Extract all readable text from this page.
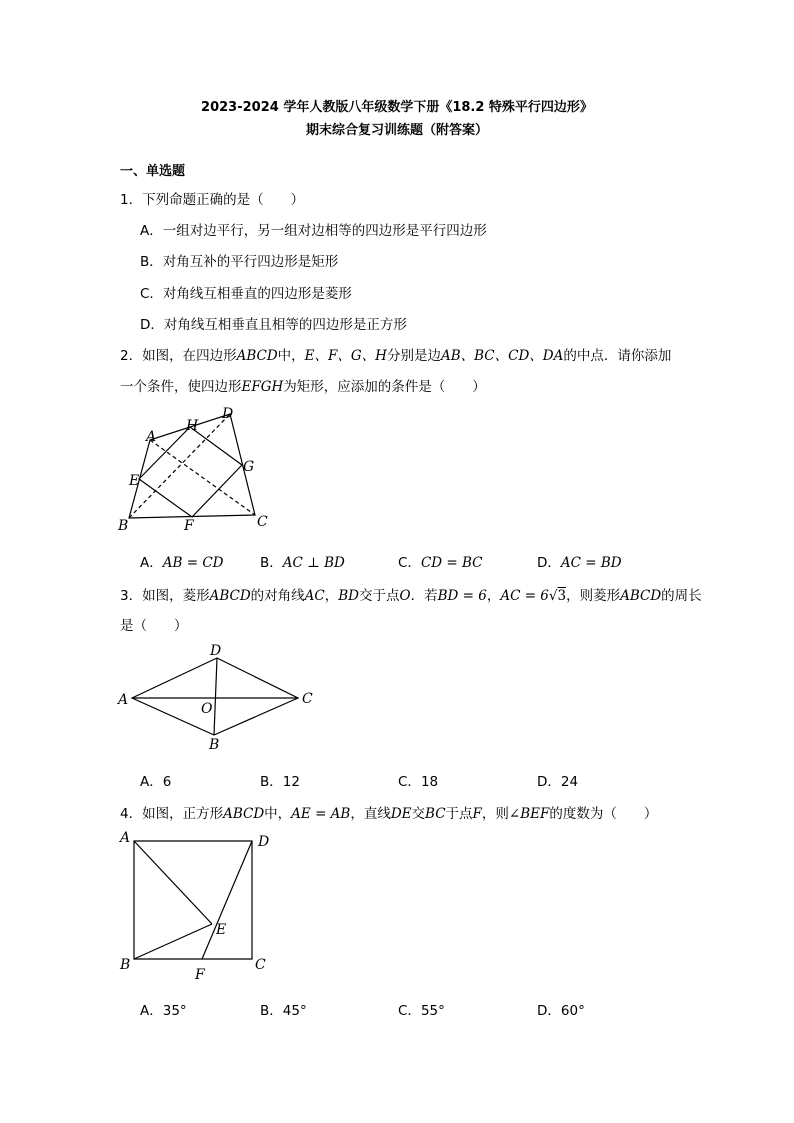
2023-2024 学年人教版八年级数学下册《18.2 特殊平行四边形》
期末综合复习训练题（附答案）
一、单选题
1．下列命题正确的是（　　）
A．一组对边平行，另一组对边相等的四边形是平行四边形
B．对角互补的平行四边形是矩形
C．对角线互相垂直的四边形是菱形
D．对角线互相垂直且相等的四边形是正方形
2．如图，在四边形ABCD中，E、F、G、H分别是边AB、BC、CD、DA的中点．请你添加
一个条件，使四边形EFGH为矩形，应添加的条件是（　　）
A
B	C
D
E
F
G
H
A．AB = CD	B．AC ⊥ BD	C．CD = BC	D．AC = BD
3．如图，菱形ABCD的对角线AC，BD交于点O．若BD = 6，AC = 6√3，则菱形ABCD的周长
是（　　）
A
B
C
D
O
A．6	B．12	C．18	D．24
4．如图，正方形ABCD中，AE = AB，直线DE交BC于点F，则∠BEF的度数为（　　）
A
B	C
D
E
F
A．35°	B．45°	C．55°	D．60°
